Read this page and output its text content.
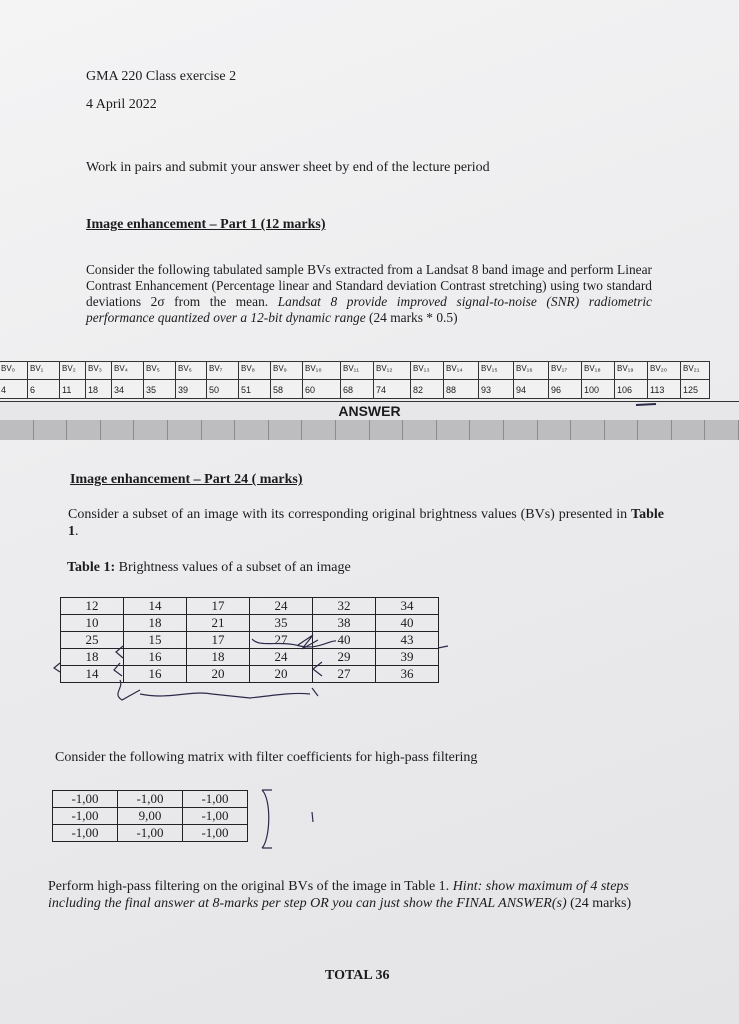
GMA 220 Class exercise 2
4 April 2022
Work in pairs and submit your answer sheet by end of the lecture period
Image enhancement – Part 1 (12 marks)
Consider the following tabulated sample BVs extracted from a Landsat 8 band image and perform Linear Contrast Enhancement (Percentage linear and Standard deviation Contrast stretching) using two standard deviations 2σ from the mean. Landsat 8 provide improved signal-to-noise (SNR) radiometric performance quantized over a 12-bit dynamic range (24 marks * 0.5)
BV₀	BV₁	BV₂	BV₃	BV₄	BV₅	BV₆	BV₇	BV₈	BV₉	BV₁₀	BV₁₁	BV₁₂	BV₁₃	BV₁₄	BV₁₅	BV₁₆	BV₁₇	BV₁₈	BV₁₉	BV₂₀	BV₂₁
4	6	11	18	34	35	39	50	51	58	60	68	74	82	88	93	94	96	100	106	113	125
ANSWER
Image enhancement – Part 24 ( marks)
Consider a subset of an image with its corresponding original brightness values (BVs) presented in Table 1.
Table 1: Brightness values of a subset of an image
12	14	17	24	32	34
10	18	21	35	38	40
25	15	17	27	40	43
18	16	18	24	29	39
14	16	20	20	27	36
Consider the following matrix with filter coefficients for high-pass filtering
-1,00	-1,00	-1,00
-1,00	9,00	-1,00
-1,00	-1,00	-1,00
Perform high-pass filtering on the original BVs of the image in Table 1. Hint: show maximum of 4 steps including the final answer at 8-marks per step OR you can just show the FINAL ANSWER(s) (24 marks)
TOTAL 36
